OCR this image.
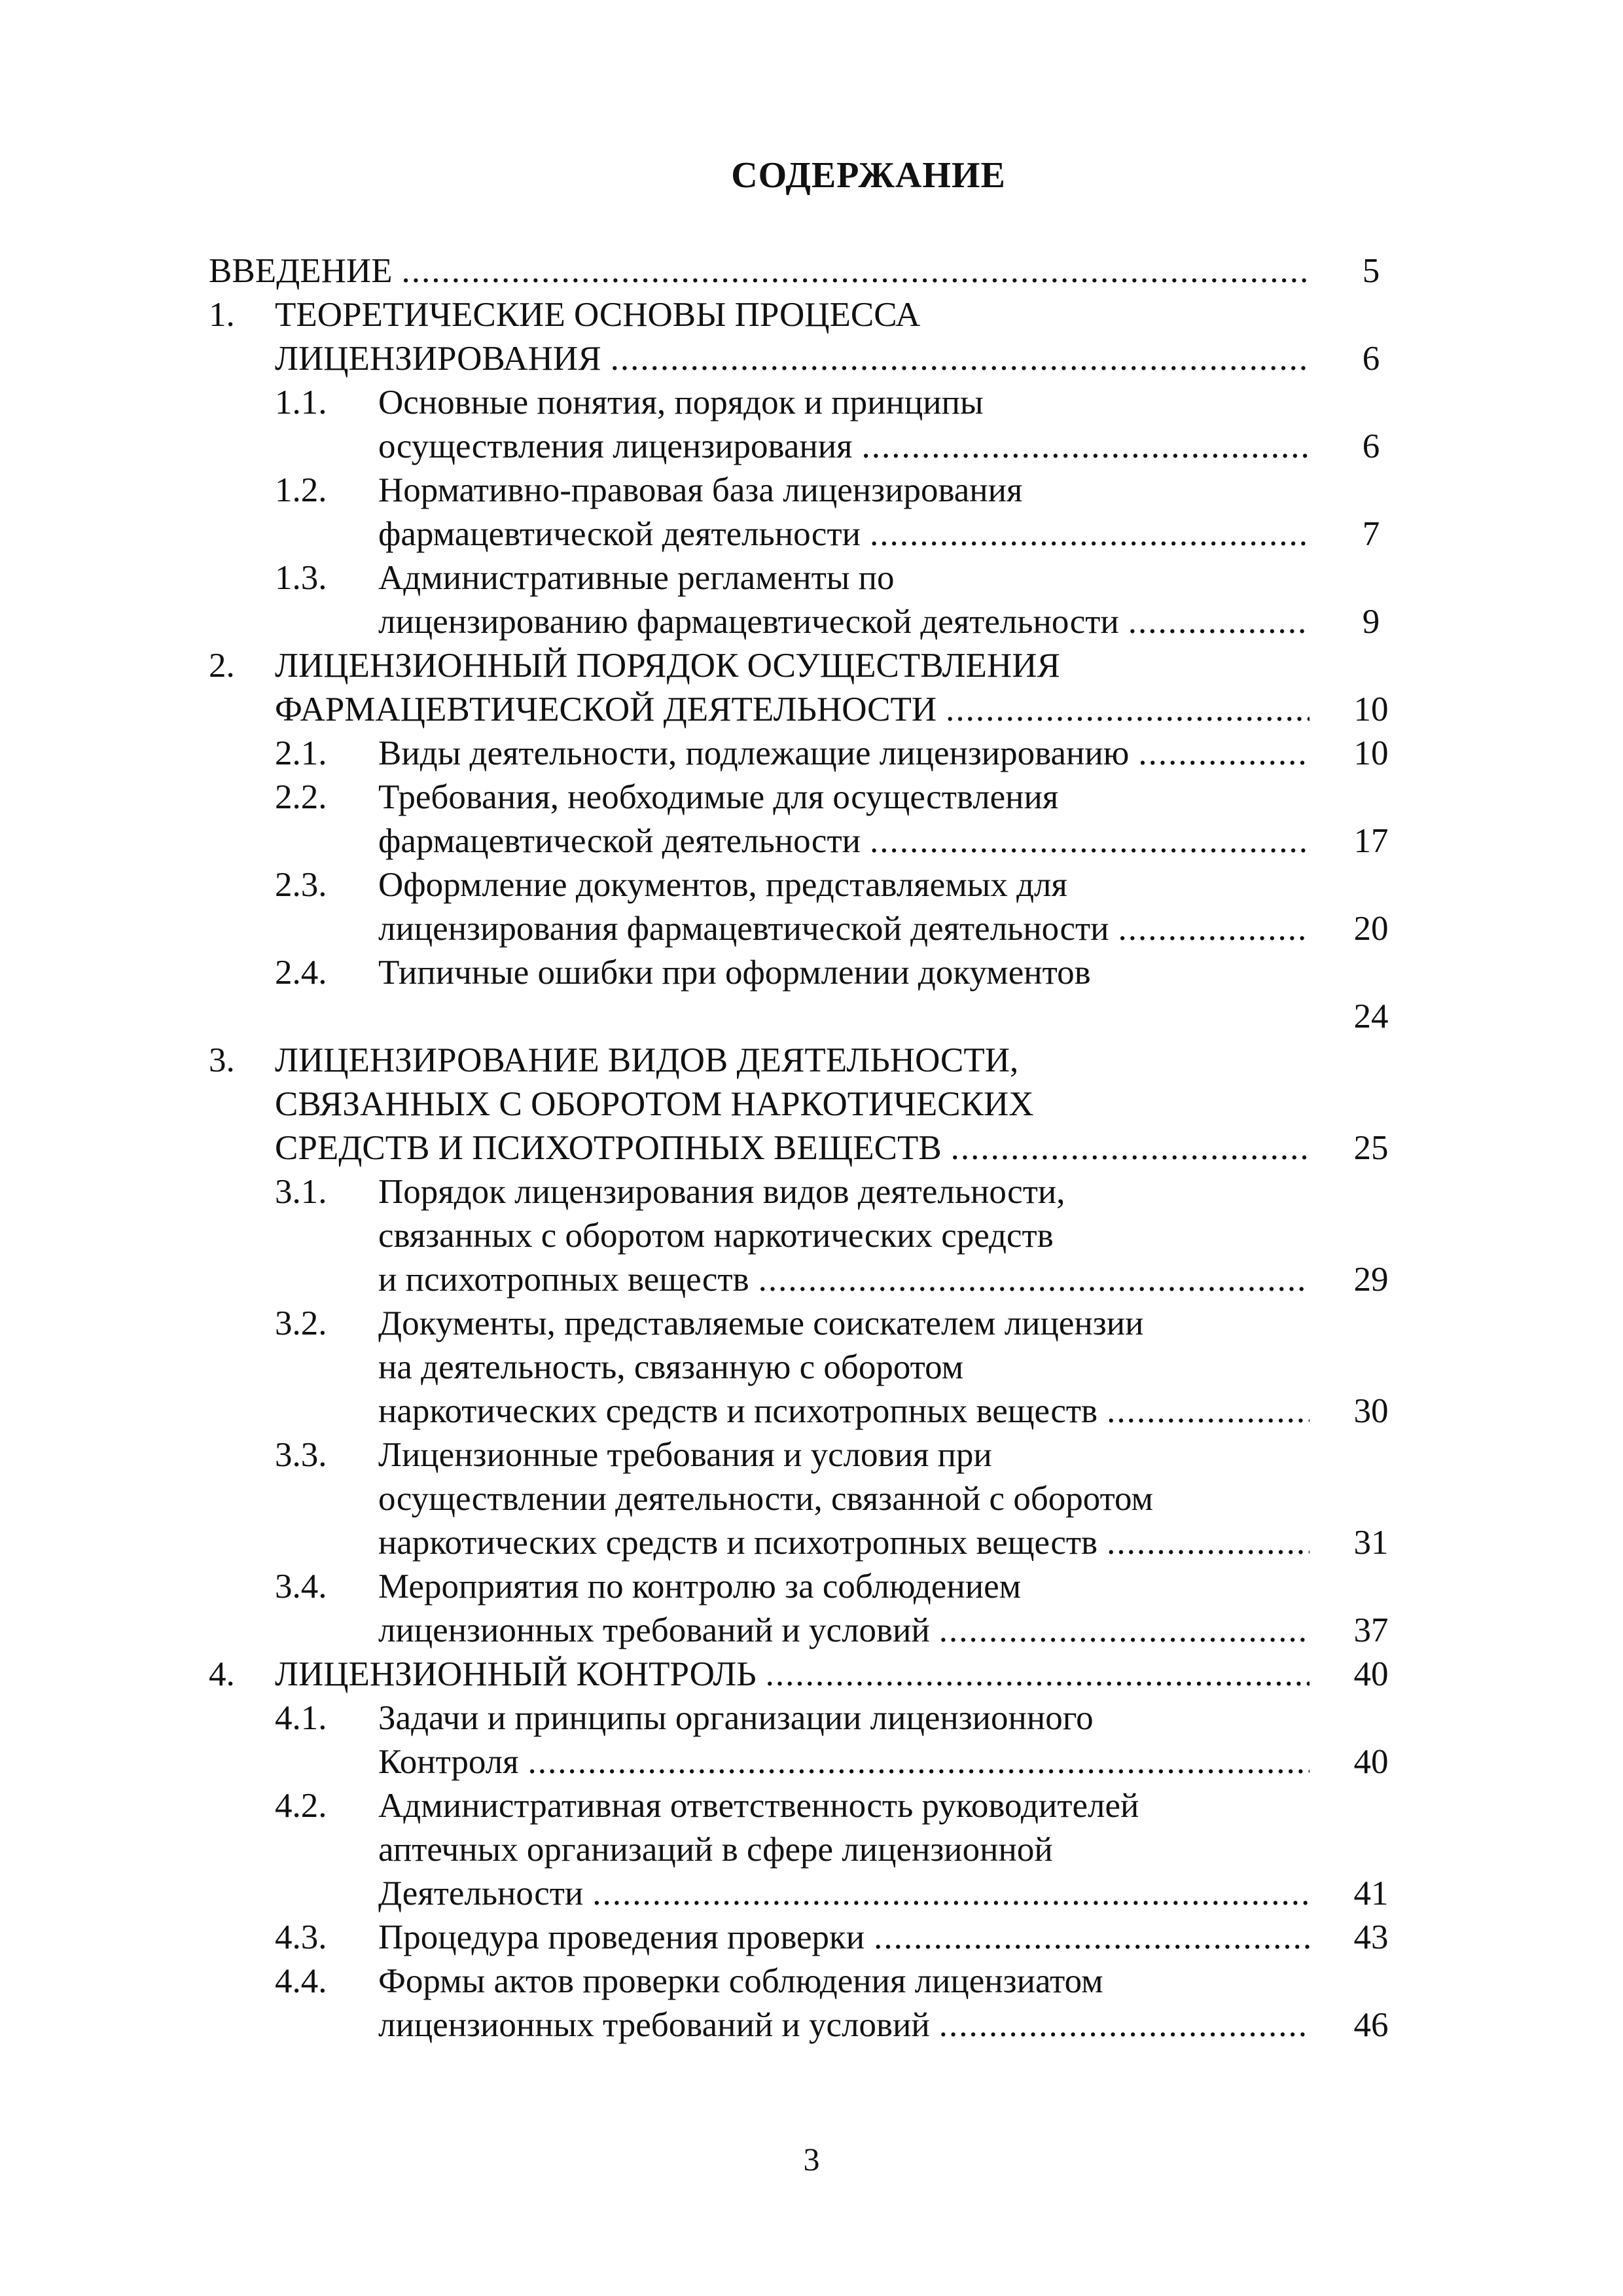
СОДЕРЖАНИЕ
ВВЕДЕНИЕ .....	5
1. ТЕОРЕТИЧЕСКИЕ ОСНОВЫ ПРОЦЕССА
ЛИЦЕНЗИРОВАНИЯ .....	6
1.1. Основные понятия, порядок и принципы
осуществления лицензирования .....	6
1.2. Нормативно-правовая база лицензирования
фармацевтической деятельности .....	7
1.3. Административные регламенты по
лицензированию фармацевтической деятельности .....	9
2. ЛИЦЕНЗИОННЫЙ ПОРЯДОК ОСУЩЕСТВЛЕНИЯ
ФАРМАЦЕВТИЧЕСКОЙ ДЕЯТЕЛЬНОСТИ .....	10
2.1. Виды деятельности, подлежащие лицензированию .....	10
2.2. Требования, необходимые для осуществления
фармацевтической деятельности .....	17
2.3. Оформление документов, представляемых для
лицензирования фармацевтической деятельности .....	20
2.4. Типичные ошибки при оформлении документов
24
3. ЛИЦЕНЗИРОВАНИЕ ВИДОВ ДЕЯТЕЛЬНОСТИ,
СВЯЗАННЫХ С ОБОРОТОМ НАРКОТИЧЕСКИХ
СРЕДСТВ И ПСИХОТРОПНЫХ ВЕЩЕСТВ .....	25
3.1. Порядок лицензирования видов деятельности,
связанных с оборотом наркотических средств
и психотропных веществ .....	29
3.2. Документы, представляемые соискателем лицензии
на деятельность, связанную с оборотом
наркотических средств и психотропных веществ .....	30
3.3. Лицензионные требования и условия при
осуществлении деятельности, связанной с оборотом
наркотических средств и психотропных веществ .....	31
3.4. Мероприятия по контролю за соблюдением
лицензионных требований и условий .....	37
4. ЛИЦЕНЗИОННЫЙ КОНТРОЛЬ .....	40
4.1. Задачи и принципы организации лицензионного
Контроля .....	40
4.2. Административная ответственность руководителей
аптечных организаций в сфере лицензионной
Деятельности .....	41
4.3. Процедура проведения проверки .....	43
4.4. Формы актов проверки соблюдения лицензиатом
лицензионных требований и условий .....	46
3
